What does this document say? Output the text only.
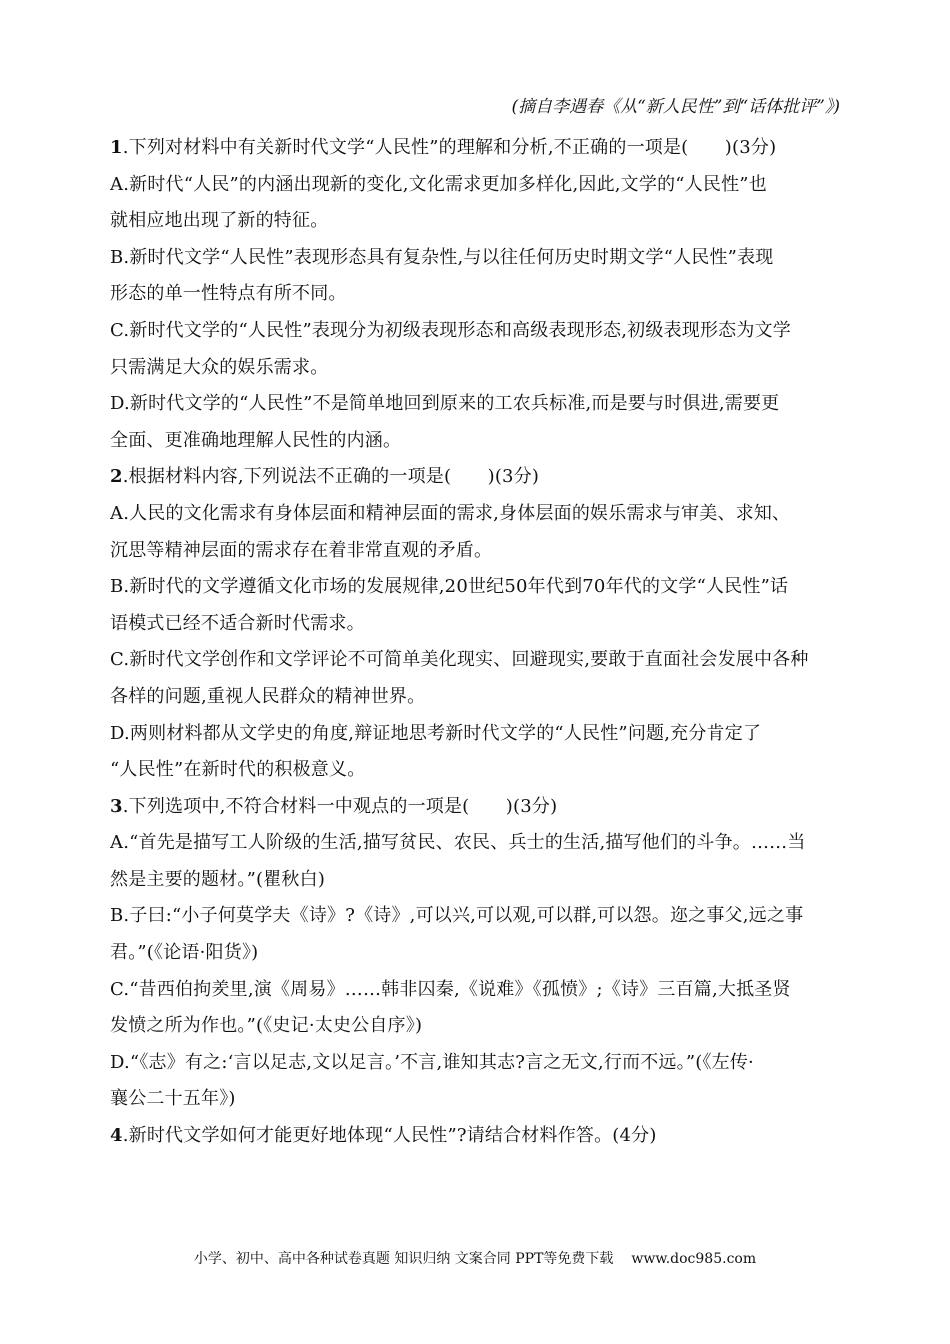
(摘自李遇春《从“新人民性”到“话体批评”》)
1.下列对材料中有关新时代文学“人民性”的理解和分析,不正确的一项是(　　)(3分)
A.新时代“人民”的内涵出现新的变化,文化需求更加多样化,因此,文学的“人民性”也
就相应地出现了新的特征。
B.新时代文学“人民性”表现形态具有复杂性,与以往任何历史时期文学“人民性”表现
形态的单一性特点有所不同。
C.新时代文学的“人民性”表现分为初级表现形态和高级表现形态,初级表现形态为文学
只需满足大众的娱乐需求。
D.新时代文学的“人民性”不是简单地回到原来的工农兵标准,而是要与时俱进,需要更
全面、更准确地理解人民性的内涵。
2.根据材料内容,下列说法不正确的一项是(　　)(3分)
A.人民的文化需求有身体层面和精神层面的需求,身体层面的娱乐需求与审美、求知、
沉思等精神层面的需求存在着非常直观的矛盾。
B.新时代的文学遵循文化市场的发展规律,20世纪50年代到70年代的文学“人民性”话
语模式已经不适合新时代需求。
C.新时代文学创作和文学评论不可简单美化现实、回避现实,要敢于直面社会发展中各种
各样的问题,重视人民群众的精神世界。
D.两则材料都从文学史的角度,辩证地思考新时代文学的“人民性”问题,充分肯定了
“人民性”在新时代的积极意义。
3.下列选项中,不符合材料一中观点的一项是(　　)(3分)
A.“首先是描写工人阶级的生活,描写贫民、农民、兵士的生活,描写他们的斗争。……当
然是主要的题材。”(瞿秋白)
B.子曰:“小子何莫学夫《诗》?《诗》,可以兴,可以观,可以群,可以怨。迩之事父,远之事
君。”(《论语·阳货》)
C.“昔西伯拘羑里,演《周易》……韩非囚秦,《说难》《孤愤》;《诗》三百篇,大抵圣贤
发愤之所为作也。”(《史记·太史公自序》)
D.“《志》有之:‘言以足志,文以足言。’不言,谁知其志?言之无文,行而不远。”(《左传·
襄公二十五年》)
4.新时代文学如何才能更好地体现“人民性”?请结合材料作答。(4分)
小学、初中、高中各种试卷真题 知识归纳 文案合同 PPT等免费下载 www.doc985.com
